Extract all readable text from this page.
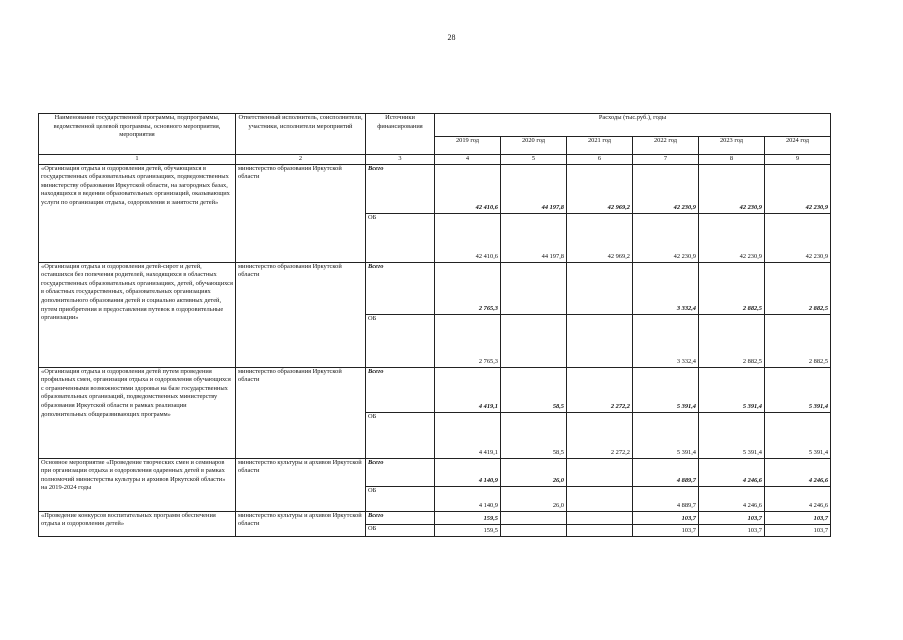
28
Наименование государственной программы, подпрограммы, ведомственной целевой программы, основного мероприятия, мероприятия	Ответственный исполнитель, соисполнители, участники, исполнители мероприятий	Источники финансирования	Расходы (тыс.руб.), годы					
			2019 год	2020 год	2021 год	2022 год	2023 год	2024 год
1	2	3	4	5	6	7	8	9
«Организация отдыха и оздоровления детей, обучающихся в государственных образовательных организациях, подведомственных министерству образования Иркутской области, на загородных базах, находящихся в ведении образовательных организаций, оказывающих услуги по организации отдыха, оздоровления и занятости детей»	министерство образования Иркутской области	Всего	42 410,6	44 197,8	42 969,2	42 230,9	42 230,9	42 230,9
		ОБ	42 410,6	44 197,8	42 969,2	42 230,9	42 230,9	42 230,9
«Организация отдыха и оздоровления детей-сирот и детей, оставшихся без попечения родителей, находящихся в областных государственных образовательных организациях, детей, обучающихся в областных государственных, образовательных организациях дополнительного образования детей и социально активных детей, путем приобретения и предоставления путевок в оздоровительные организации»	министерство образования Иркутской области	Всего	2 765,3			3 332,4	2 882,5	2 882,5
		ОБ	2 765,3			3 332,4	2 882,5	2 882,5
«Организация отдыха и оздоровления детей путем проведения профильных смен, организация отдыха и оздоровления обучающихся с ограниченными возможностями здоровья на базе государственных образовательных организаций, подведомственных министерству образования Иркутской области в рамках реализации дополнительных общеразвивающих программ»	министерство образования Иркутской области	Всего	4 419,1	58,5	2 272,2	5 391,4	5 391,4	5 391,4
		ОБ	4 419,1	58,5	2 272,2	5 391,4	5 391,4	5 391,4
Основное мероприятие «Проведение творческих смен и семинаров при организации отдыха и оздоровления одаренных детей в рамках полномочий министерства культуры и архивов Иркутской области» на 2019-2024 годы	министерство культуры и архивов Иркутской области	Всего	4 140,9	26,0		4 889,7	4 246,6	4 246,6
		ОБ	4 140,9	26,0		4 889,7	4 246,6	4 246,6
«Проведение конкурсов воспитательных программ обеспечения отдыха и оздоровления детей»	министерство культуры и архивов Иркутской области	Всего	159,5			103,7	103,7	103,7
		ОБ	159,5			103,7	103,7	103,7
